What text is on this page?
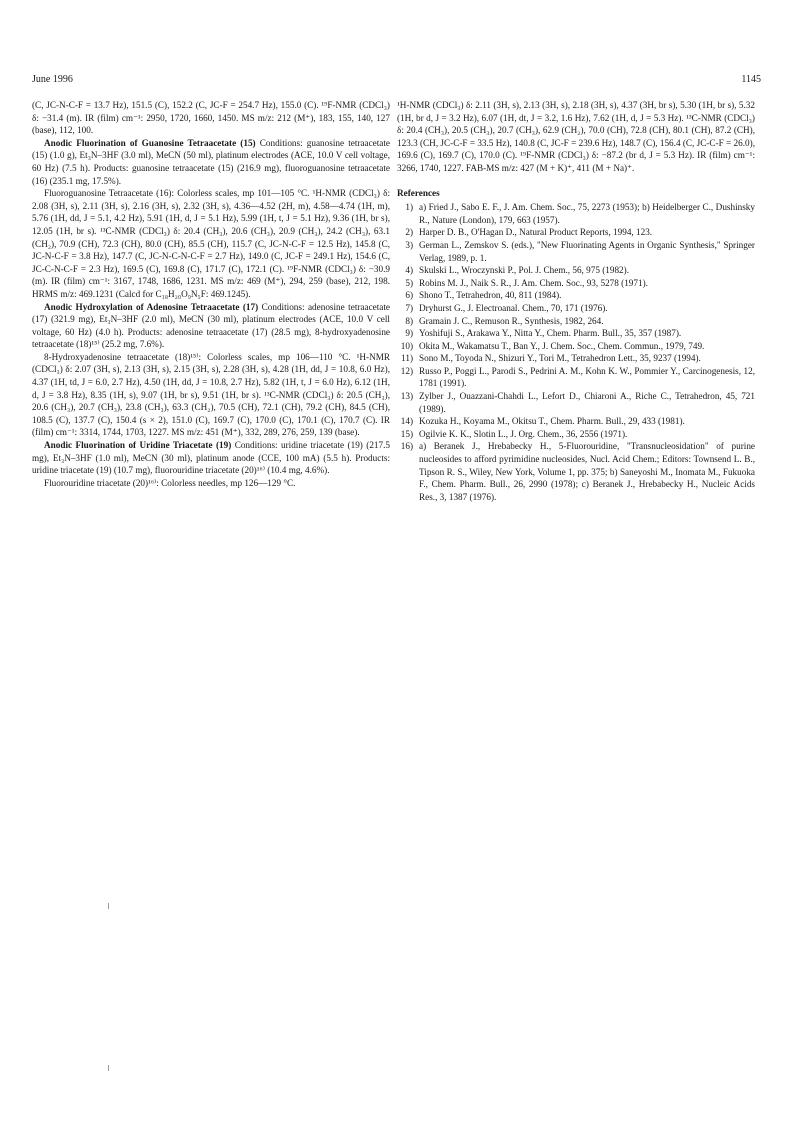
June 1996	1145

(C, JC-N-C-F = 13.7 Hz), 151.5 (C), 152.2 (C, JC-F = 254.7 Hz), 155.0 (C). ¹⁹F-NMR (CDCl₃) δ: −31.4 (m). IR (film) cm⁻¹: 2950, 1720, 1660, 1450. MS m/z: 212 (M⁺), 183, 155, 140, 127 (base), 112, 100.

Anodic Fluorination of Guanosine Tetraacetate (15) Conditions: guanosine tetraacetate (15) (1.0 g), Et₃N–3HF (3.0 ml), MeCN (50 ml), platinum electrodes (ACE, 10.0 V cell voltage, 60 Hz) (7.5 h). Products: guanosine tetraacetate (15) (216.9 mg), fluoroguanosine tetraacetate (16) (235.1 mg, 17.5%).

Fluoroguanosine Tetraacetate (16): Colorless scales, mp 101—105 °C. ¹H-NMR (CDCl₃) δ: 2.08 (3H, s), 2.11 (3H, s), 2.16 (3H, s), 2.32 (3H, s), 4.36—4.52 (2H, m), 4.58—4.74 (1H, m), 5.76 (1H, dd, J = 5.1, 4.2 Hz), 5.91 (1H, d, J = 5.1 Hz), 5.99 (1H, t, J = 5.1 Hz), 9.36 (1H, br s), 12.05 (1H, br s). ¹³C-NMR (CDCl₃) δ: 20.4 (CH₃), 20.6 (CH₃), 20.9 (CH₃), 24.2 (CH₃), 63.1 (CH₂), 70.9 (CH), 72.3 (CH), 80.0 (CH), 85.5 (CH), 115.7 (C, JC-N-C-F = 12.5 Hz), 145.8 (C, JC-N-C-F = 3.8 Hz), 147.7 (C, JC-N-C-N-C-F = 2.7 Hz), 149.0 (C, JC-F = 249.1 Hz), 154.6 (C, JC-C-N-C-F = 2.3 Hz), 169.5 (C), 169.8 (C), 171.7 (C), 172.1 (C). ¹⁹F-NMR (CDCl₃) δ: −30.9 (m). IR (film) cm⁻¹: 3167, 1748, 1686, 1231. MS m/z: 469 (M⁺), 294, 259 (base), 212, 198. HRMS m/z: 469.1231 (Calcd for C₁₈H₂₀O₉N₅F: 469.1245).

Anodic Hydroxylation of Adenosine Tetraacetate (17) Conditions: adenosine tetraacetate (17) (321.9 mg), Et₃N–3HF (2.0 ml), MeCN (30 ml), platinum electrodes (ACE, 10.0 V cell voltage, 60 Hz) (4.0 h). Products: adenosine tetraacetate (17) (28.5 mg), 8-hydroxyadenosine tetraacetate (18)¹⁵⁾ (25.2 mg, 7.6%).

8-Hydroxyadenosine tetraacetate (18)¹⁵⁾: Colorless scales, mp 106—110 °C. ¹H-NMR (CDCl₃) δ: 2.07 (3H, s), 2.13 (3H, s), 2.15 (3H, s), 2.28 (3H, s), 4.28 (1H, dd, J = 10.8, 6.0 Hz), 4.37 (1H, td, J = 6.0, 2.7 Hz), 4.50 (1H, dd, J = 10.8, 2.7 Hz), 5.82 (1H, t, J = 6.0 Hz), 6.12 (1H, d, J = 3.8 Hz), 8.35 (1H, s), 9.07 (1H, br s), 9.51 (1H, br s). ¹³C-NMR (CDCl₃) δ: 20.5 (CH₃), 20.6 (CH₃), 20.7 (CH₃), 23.8 (CH₃), 63.3 (CH₂), 70.5 (CH), 72.1 (CH), 79.2 (CH), 84.5 (CH), 108.5 (C), 137.7 (C), 150.4 (s × 2), 151.0 (C), 169.7 (C), 170.0 (C), 170.1 (C), 170.7 (C). IR (film) cm⁻¹: 3314, 1744, 1703, 1227. MS m/z: 451 (M⁺), 332, 289, 276, 259, 139 (base).

Anodic Fluorination of Uridine Triacetate (19) Conditions: uridine triacetate (19) (217.5 mg), Et₃N–3HF (1.0 ml), MeCN (30 ml), platinum anode (CCE, 100 mA) (5.5 h). Products: uridine triacetate (19) (10.7 mg), fluorouridine triacetate (20)¹⁶⁾ (10.4 mg, 4.6%).

Fluorouridine triacetate (20)¹⁶⁾: Colorless needles, mp 126—129 °C.

¹H-NMR (CDCl₃) δ: 2.11 (3H, s), 2.13 (3H, s), 2.18 (3H, s), 4.37 (3H, br s), 5.30 (1H, br s), 5.32 (1H, br d, J = 3.2 Hz), 6.07 (1H, dt, J = 3.2, 1.6 Hz), 7.62 (1H, d, J = 5.3 Hz). ¹³C-NMR (CDCl₃) δ: 20.4 (CH₃), 20.5 (CH₃), 20.7 (CH₃), 62.9 (CH₂), 70.0 (CH), 72.8 (CH), 80.1 (CH), 87.2 (CH), 123.3 (CH, JC-C-F = 33.5 Hz), 140.8 (C, JC-F = 239.6 Hz), 148.7 (C), 156.4 (C, JC-C-F = 26.0), 169.6 (C), 169.7 (C), 170.0 (C). ¹⁹F-NMR (CDCl₃) δ: −87.2 (br d, J = 5.3 Hz). IR (film) cm⁻¹: 3266, 1740, 1227. FAB-MS m/z: 427 (M + K)⁺, 411 (M + Na)⁺.

References

1) a) Fried J., Sabo E. F., J. Am. Chem. Soc., 75, 2273 (1953); b) Heidelberger C., Dushinsky R., Nature (London), 179, 663 (1957).
2) Harper D. B., O'Hagan D., Natural Product Reports, 1994, 123.
3) German L., Zemskov S. (eds.), "New Fluorinating Agents in Organic Synthesis," Springer Verlag, 1989, p. 1.
4) Skulski L., Wroczynski P., Pol. J. Chem., 56, 975 (1982).
5) Robins M. J., Naik S. R., J. Am. Chem. Soc., 93, 5278 (1971).
6) Shono T., Tetrahedron, 40, 811 (1984).
7) Dryhurst G., J. Electroanal. Chem., 70, 171 (1976).
8) Gramain J. C., Remuson R., Synthesis, 1982, 264.
9) Yoshifuji S., Arakawa Y., Nitta Y., Chem. Pharm. Bull., 35, 357 (1987).
10) Okita M., Wakamatsu T., Ban Y., J. Chem. Soc., Chem. Commun., 1979, 749.
11) Sono M., Toyoda N., Shizuri Y., Tori M., Tetrahedron Lett., 35, 9237 (1994).
12) Russo P., Poggi L., Parodi S., Pedrini A. M., Kohn K. W., Pommier Y., Carcinogenesis, 12, 1781 (1991).
13) Zylber J., Ouazzani-Chahdi L., Lefort D., Chiaroni A., Riche C., Tetrahedron, 45, 721 (1989).
14) Kozuka H., Koyama M., Okitsu T., Chem. Pharm. Bull., 29, 433 (1981).
15) Ogilvie K. K., Slotin L., J. Org. Chem., 36, 2556 (1971).
16) a) Beranek J., Hrebabecky H., 5-Fluorouridine, "Transnucleosidation" of purine nucleosides to afford pyrimidine nucleosides, Nucl. Acid Chem.; Editors: Townsend L. B., Tipson R. S., Wiley, New York, Volume 1, pp. 375; b) Saneyoshi M., Inomata M., Fukuoka F., Chem. Pharm. Bull., 26, 2990 (1978); c) Beranek J., Hrebabecky H., Nucleic Acids Res., 3, 1387 (1976).
